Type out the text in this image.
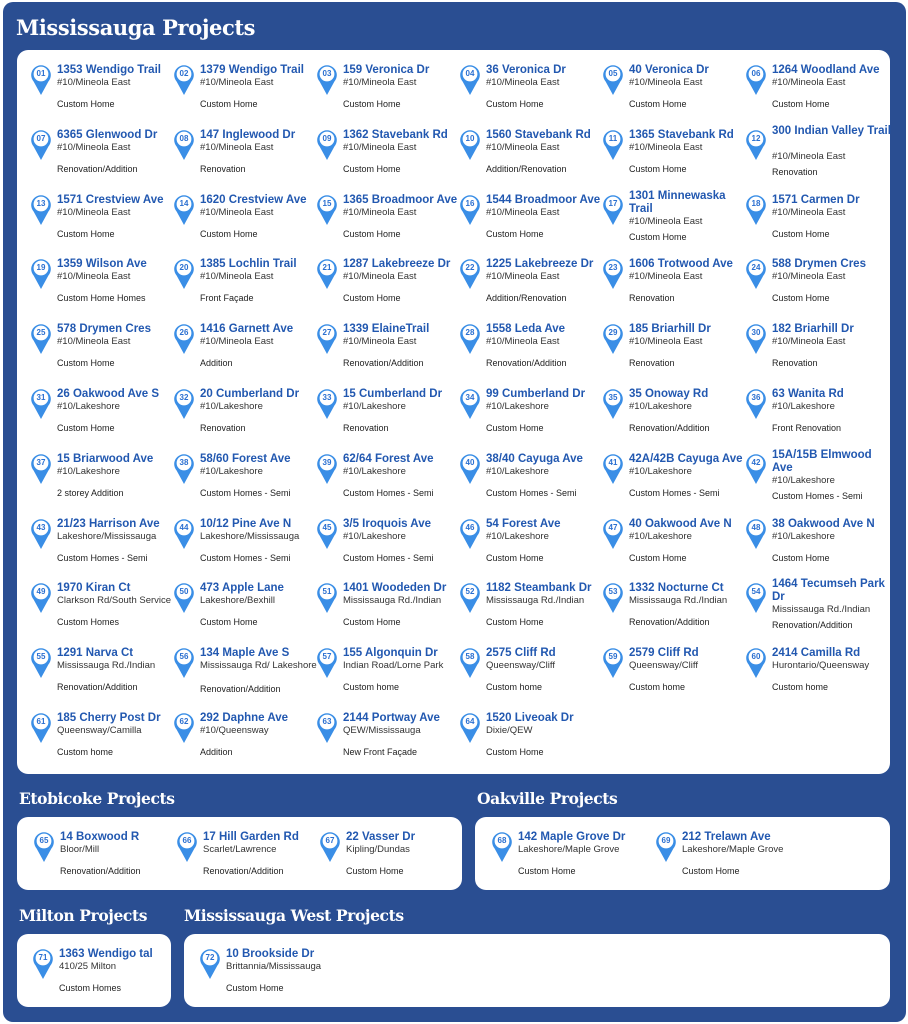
Mississauga Projects
01	1353 Wendigo Trail
#10/Mineola East
Custom Home
02	1379 Wendigo Trail
#10/Mineola East
Custom Home
03	159 Veronica Dr
#10/Mineola East
Custom Home
04	36 Veronica Dr
#10/Mineola East
Custom Home
05	40 Veronica Dr
#10/Mineola East
Custom Home
06	1264 Woodland Ave
#10/Mineola East
Custom Home
07	6365 Glenwood Dr
#10/Mineola East
Renovation/Addition
08	147 Inglewood Dr
#10/Mineola East
Renovation
09	1362 Stavebank Rd
#10/Mineola East
Custom Home
10	1560 Stavebank Rd
#10/Mineola East
Addition/Renovation
11	1365 Stavebank Rd
#10/Mineola East
Custom Home
12
300 Indian Valley Trail
#10/Mineola East
Renovation
13	1571 Crestview Ave
#10/Mineola East
Custom Home
14	1620 Crestview Ave
#10/Mineola East
Custom Home
15	1365 Broadmoor Ave
#10/Mineola East
Custom Home
16	1544 Broadmoor Ave
#10/Mineola East
Custom Home
17
1301 Minnewaska Trail
#10/Mineola East
Custom Home
18	1571 Carmen Dr
#10/Mineola East
Custom Home
19	1359 Wilson Ave
#10/Mineola East
Custom Home Homes
20	1385 Lochlin Trail
#10/Mineola East
Front Façade
21	1287 Lakebreeze Dr
#10/Mineola East
Custom Home
22	1225 Lakebreeze Dr
#10/Mineola East
Addition/Renovation
23	1606 Trotwood Ave
#10/Mineola East
Renovation
24	588 Drymen Cres
#10/Mineola East
Custom Home
25	578 Drymen Cres
#10/Mineola East
Custom Home
26	1416 Garnett Ave
#10/Mineola East
Addition
27	1339 ElaineTrail
#10/Mineola East
Renovation/Addition
28	1558 Leda Ave
#10/Mineola East
Renovation/Addition
29	185 Briarhill Dr
#10/Mineola East
Renovation
30	182 Briarhill Dr
#10/Mineola East
Renovation
31	26 Oakwood Ave S
#10/Lakeshore
Custom Home
32	20 Cumberland Dr
#10/Lakeshore
Renovation
33	15 Cumberland Dr
#10/Lakeshore
Renovation
34	99 Cumberland Dr
#10/Lakeshore
Custom Home
35	35 Onoway Rd
#10/Lakeshore
Renovation/Addition
36	63 Wanita Rd
#10/Lakeshore
Front Renovation
37	15 Briarwood Ave
#10/Lakeshore
2 storey Addition
38	58/60 Forest Ave
#10/Lakeshore
Custom Homes - Semi
39	62/64 Forest Ave
#10/Lakeshore
Custom Homes - Semi
40	38/40 Cayuga Ave
#10/Lakeshore
Custom Homes - Semi
41	42A/42B Cayuga Ave
#10/Lakeshore
Custom Homes - Semi
42
15A/15B Elmwood Ave
#10/Lakeshore
Custom Homes - Semi
43	21/23 Harrison Ave
Lakeshore/Mississauga
Custom Homes - Semi
44	10/12 Pine Ave N
Lakeshore/Mississauga
Custom Homes - Semi
45	3/5 Iroquois Ave
#10/Lakeshore
Custom Homes - Semi
46	54 Forest Ave
#10/Lakeshore
Custom Home
47	40 Oakwood Ave N
#10/Lakeshore
Custom Home
48	38 Oakwood Ave N
#10/Lakeshore
Custom Home
49	1970 Kiran Ct
Clarkson Rd/South Service
Custom Homes
50	473 Apple Lane
Lakeshore/Bexhill
Custom Home
51	1401 Woodeden Dr
Mississauga Rd./Indian
Custom Home
52	1182 Steambank Dr
Mississauga Rd./Indian
Custom Home
53	1332 Nocturne Ct
Mississauga Rd./Indian
Renovation/Addition
54
1464 Tecumseh Park Dr
Mississauga Rd./Indian
Renovation/Addition
55	1291 Narva Ct
Mississauga Rd./Indian
Renovation/Addition
56	134 Maple Ave S
Mississauga Rd/ Lakeshore
Renovation/Addition
57	155 Algonquin Dr
Indian Road/Lorne Park
Custom home
58	2575 Cliff Rd
Queensway/Cliff
Custom home
59	2579 Cliff Rd
Queensway/Cliff
Custom home
60	2414 Camilla Rd
Hurontario/Queensway
Custom home
61	185 Cherry Post Dr
Queensway/Camilla
Custom home
62	292 Daphne Ave
#10/Queensway
Addition
63	2144 Portway Ave
QEW/Mississauga
New Front Façade
64	1520 Liveoak Dr
Dixie/QEW
Custom Home
Etobicoke Projects
65	14 Boxwood R
Bloor/Mill
Renovation/Addition
66	17 Hill Garden Rd
Scarlet/Lawrence
Renovation/Addition
67	22 Vasser Dr
Kipling/Dundas
Custom Home
Oakville Projects
68	142 Maple Grove Dr
Lakeshore/Maple Grove
Custom Home
69	212 Trelawn Ave
Lakeshore/Maple Grove
Custom Home
Milton Projects
71	1363 Wendigo tal
410/25 Milton
Custom Homes
Mississauga West Projects
72	10 Brookside Dr
Brittannia/Mississauga
Custom Home
